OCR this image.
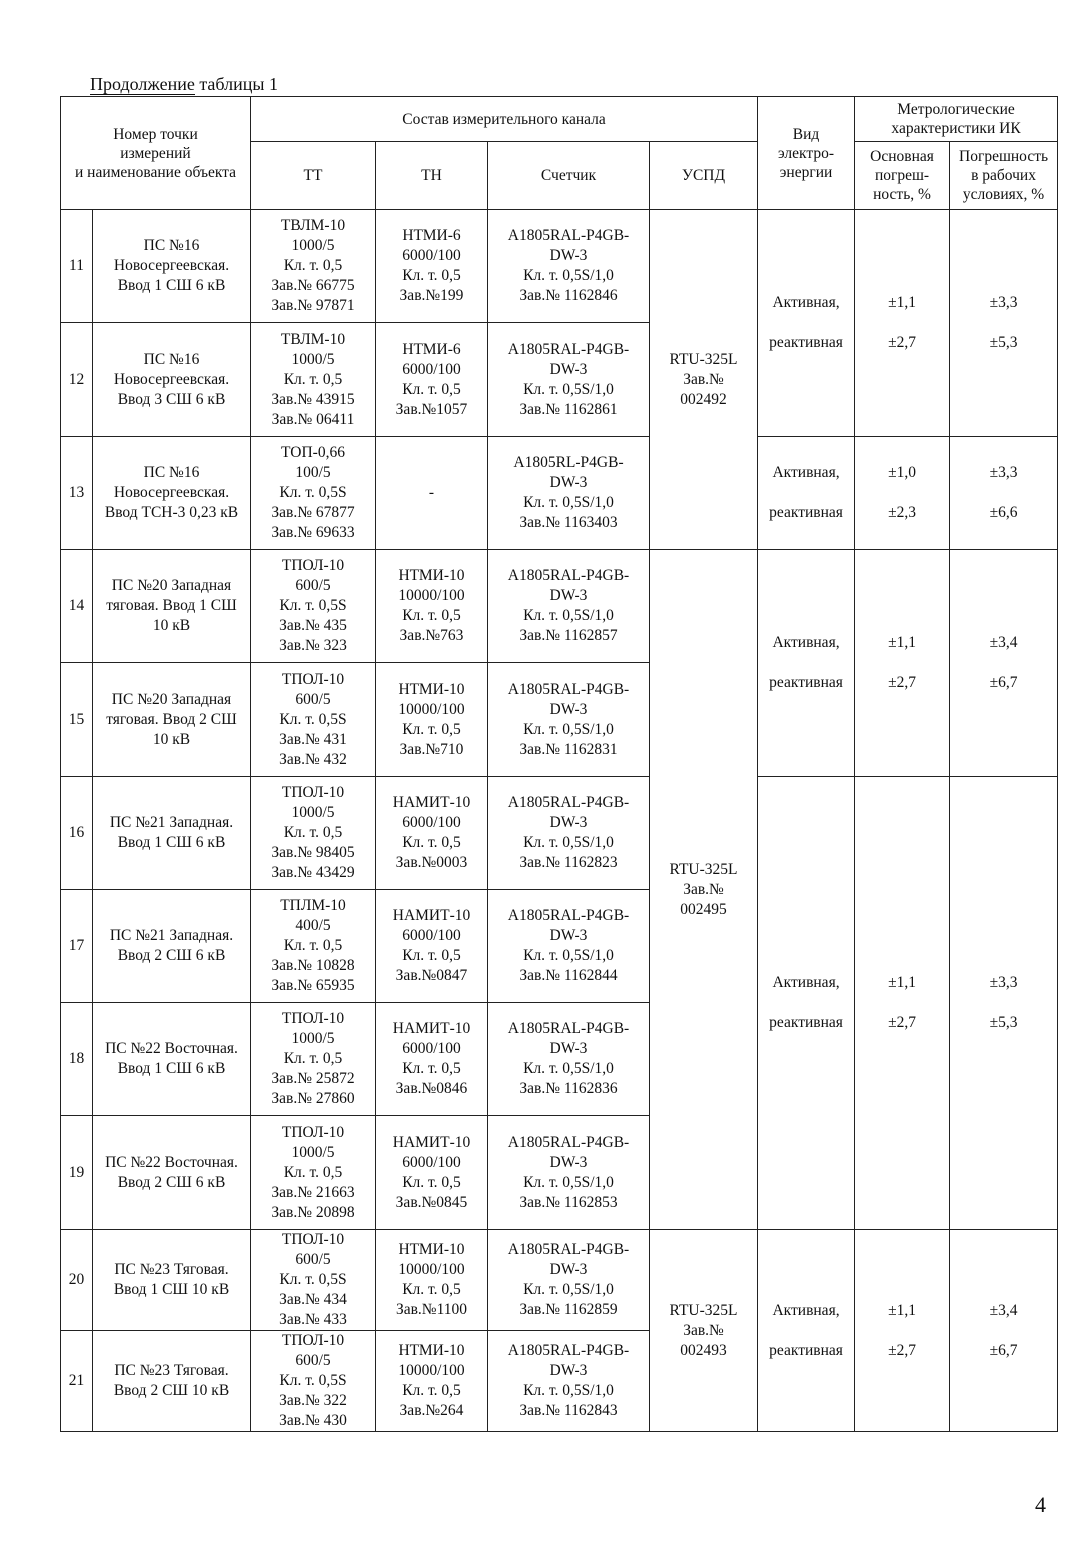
Продолжение таблицы 1
Номер точки
измерений
и наименование объекта		Состав измерительного канала				Вид
электро-
энергии	Метрологические
характеристики ИК	
		ТТ	ТН	Счетчик	УСПД		Основная
погреш-
ность, %	Погрешность
в рабочих
условиях, %
11	ПС №16
Новосергеевская.
Ввод 1 СШ 6 кВ	ТВЛМ-10
1000/5
Кл. т. 0,5
Зав.№ 66775
Зав.№ 97871	НТМИ-6
6000/100
Кл. т. 0,5
Зав.№199	A1805RAL-P4GB-
DW-3
Кл. т. 0,5S/1,0
Зав.№ 1162846	RTU-325L
Зав.№
002492	Активная,
реактивная	±1,1
±2,7	±3,3
±5,3

12	ПС №16
Новосергеевская.
Ввод 3 СШ 6 кВ	ТВЛМ-10
1000/5
Кл. т. 0,5
Зав.№ 43915
Зав.№ 06411	НТМИ-6
6000/100
Кл. т. 0,5
Зав.№1057	A1805RAL-P4GB-
DW-3
Кл. т. 0,5S/1,0
Зав.№ 1162861				
13	ПС №16
Новосергеевская.
Ввод ТСН-3 0,23 кВ	ТОП-0,66
100/5
Кл. т. 0,5S
Зав.№ 67877
Зав.№ 69633	-	A1805RL-P4GB-
DW-3
Кл. т. 0,5S/1,0
Зав.№ 1163403		Активная,
реактивная	±1,0
±2,3	±3,3
±6,6

14	ПС №20 Западная
тяговая. Ввод 1 СШ
10 кВ	ТПОЛ-10
600/5
Кл. т. 0,5S
Зав.№ 435
Зав.№ 323	НТМИ-10
10000/100
Кл. т. 0,5
Зав.№763	A1805RAL-P4GB-
DW-3
Кл. т. 0,5S/1,0
Зав.№ 1162857	RTU-325L
Зав.№
002495	Активная,
реактивная	±1,1
±2,7	±3,4
±6,7

15	ПС №20 Западная
тяговая. Ввод 2 СШ
10 кВ	ТПОЛ-10
600/5
Кл. т. 0,5S
Зав.№ 431
Зав.№ 432	НТМИ-10
10000/100
Кл. т. 0,5
Зав.№710	A1805RAL-P4GB-
DW-3
Кл. т. 0,5S/1,0
Зав.№ 1162831				
16	ПС №21 Западная.
Ввод 1 СШ 6 кВ	ТПОЛ-10
1000/5
Кл. т. 0,5
Зав.№ 98405
Зав.№ 43429	НАМИТ-10
6000/100
Кл. т. 0,5
Зав.№0003	A1805RAL-P4GB-
DW-3
Кл. т. 0,5S/1,0
Зав.№ 1162823		Активная,
реактивная	±1,1
±2,7	±3,3
±5,3

17	ПС №21 Западная.
Ввод 2 СШ 6 кВ	ТПЛМ-10
400/5
Кл. т. 0,5
Зав.№ 10828
Зав.№ 65935	НАМИТ-10
6000/100
Кл. т. 0,5
Зав.№0847	A1805RAL-P4GB-
DW-3
Кл. т. 0,5S/1,0
Зав.№ 1162844				
18	ПС №22 Восточная.
Ввод 1 СШ 6 кВ	ТПОЛ-10
1000/5
Кл. т. 0,5
Зав.№ 25872
Зав.№ 27860	НАМИТ-10
6000/100
Кл. т. 0,5
Зав.№0846	A1805RAL-P4GB-
DW-3
Кл. т. 0,5S/1,0
Зав.№ 1162836				
19	ПС №22 Восточная.
Ввод 2 СШ 6 кВ	ТПОЛ-10
1000/5
Кл. т. 0,5
Зав.№ 21663
Зав.№ 20898	НАМИТ-10
6000/100
Кл. т. 0,5
Зав.№0845	A1805RAL-P4GB-
DW-3
Кл. т. 0,5S/1,0
Зав.№ 1162853				
20	ПС №23 Тяговая.
Ввод 1 СШ 10 кВ	ТПОЛ-10
600/5
Кл. т. 0,5S
Зав.№ 434
Зав.№ 433	НТМИ-10
10000/100
Кл. т. 0,5
Зав.№1100	A1805RAL-P4GB-
DW-3
Кл. т. 0,5S/1,0
Зав.№ 1162859	RTU-325L
Зав.№
002493	Активная,
реактивная	±1,1
±2,7	±3,4
±6,7

21	ПС №23 Тяговая.
Ввод 2 СШ 10 кВ	ТПОЛ-10
600/5
Кл. т. 0,5S
Зав.№ 322
Зав.№ 430	НТМИ-10
10000/100
Кл. т. 0,5
Зав.№264	A1805RAL-P4GB-
DW-3
Кл. т. 0,5S/1,0
Зав.№ 1162843				
4
